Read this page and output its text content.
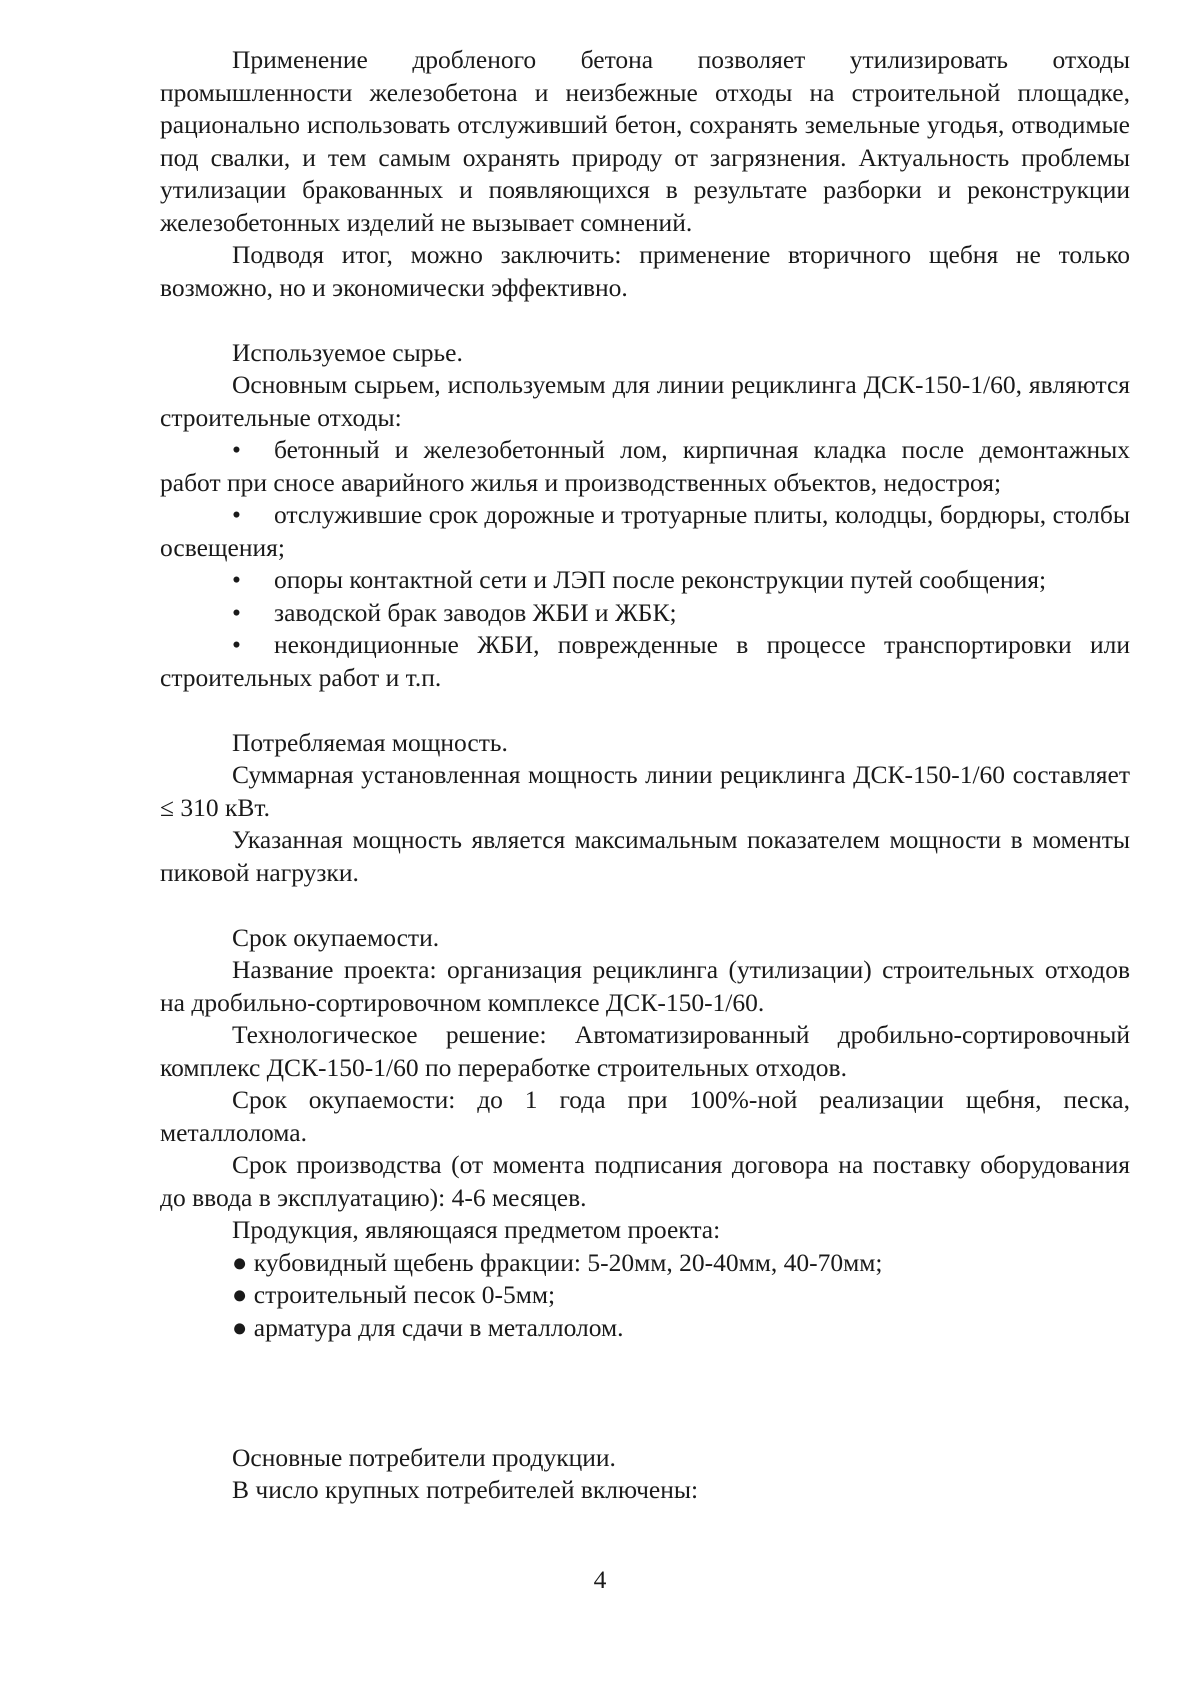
Применение дробленого бетона позволяет утилизировать отходы промышленности железобетона и неизбежные отходы на строительной площадке, рационально использовать отслуживший бетон, сохранять земельные угодья, отводимые под свалки, и тем самым охранять природу от загрязнения. Актуальность проблемы утилизации бракованных и появляющихся в результате разборки и реконструкции железобетонных изделий не вызывает сомнений.

Подводя итог, можно заключить: применение вторичного щебня не только возможно, но и экономически эффективно.

Используемое сырье.

Основным сырьем, используемым для линии рециклинга ДСК-150-1/60, являются строительные отходы:

• бетонный и железобетонный лом, кирпичная кладка после демонтажных работ при сносе аварийного жилья и производственных объектов, недостроя;
• отслужившие срок дорожные и тротуарные плиты, колодцы, бордюры, столбы освещения;
• опоры контактной сети и ЛЭП после реконструкции путей сообщения;
• заводской брак заводов ЖБИ и ЖБК;
• некондиционные ЖБИ, поврежденные в процессе транспортировки или строительных работ и т.п.

Потребляемая мощность.

Суммарная установленная мощность линии рециклинга ДСК-150-1/60 составляет ≤ 310 кВт.

Указанная мощность является максимальным показателем мощности в моменты пиковой нагрузки.

Срок окупаемости.

Название проекта: организация рециклинга (утилизации) строительных отходов на дробильно-сортировочном комплексе ДСК-150-1/60.

Технологическое решение: Автоматизированный дробильно-сортировочный комплекс ДСК-150-1/60 по переработке строительных отходов.

Срок окупаемости: до 1 года при 100%-ной реализации щебня, песка, металлолома.

Срок производства (от момента подписания договора на поставку оборудования до ввода в эксплуатацию): 4-6 месяцев.

Продукция, являющаяся предметом проекта:

● кубовидный щебень фракции: 5-20мм, 20-40мм, 40-70мм;
● строительный песок 0-5мм;
● арматура для сдачи в металлолом.

Основные потребители продукции.

В число крупных потребителей включены:

4
